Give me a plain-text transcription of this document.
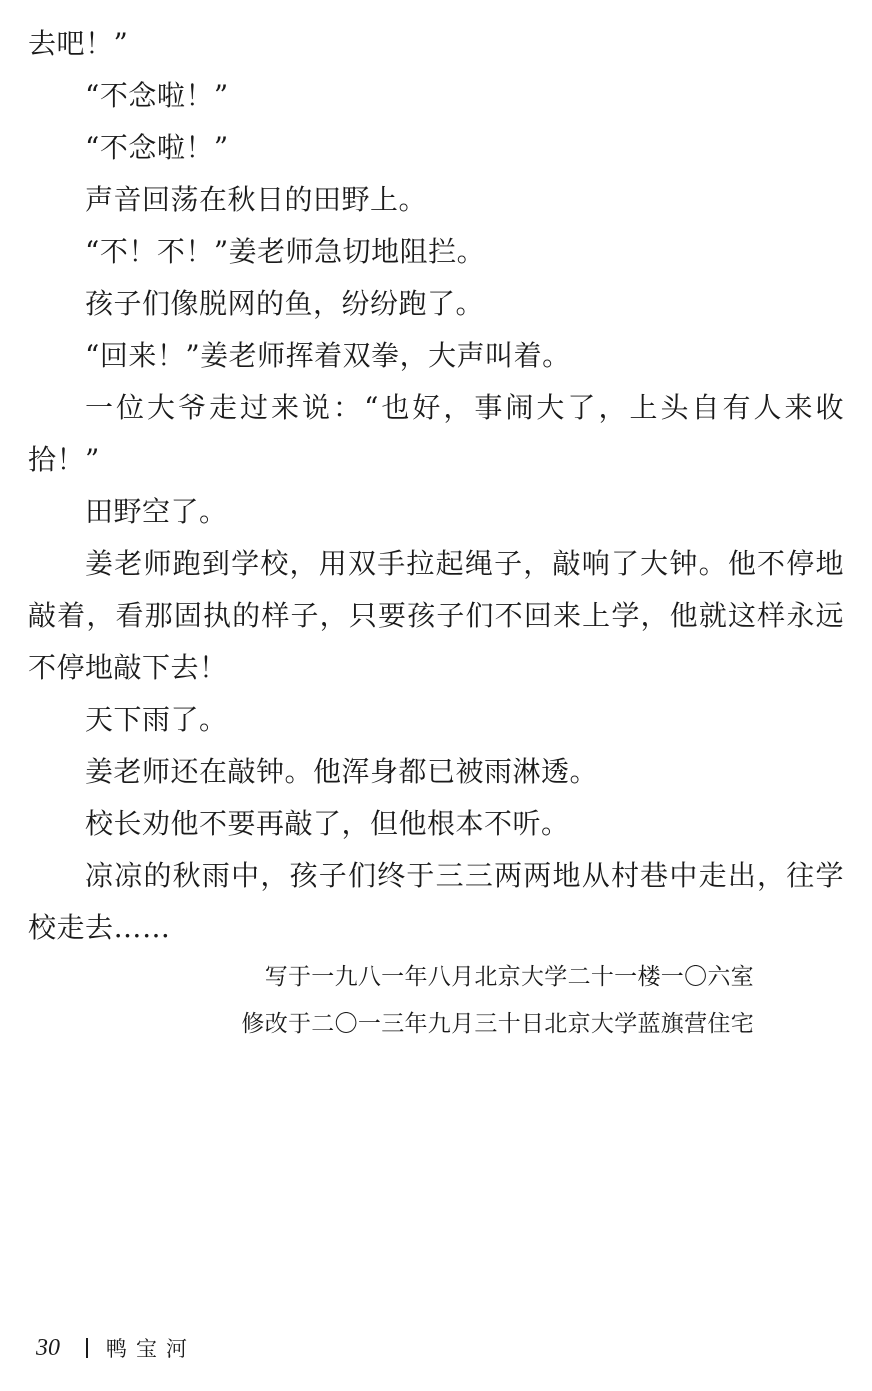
去吧！”

“不念啦！”

“不念啦！”

声音回荡在秋日的田野上。

“不！不！”姜老师急切地阻拦。

孩子们像脱网的鱼，纷纷跑了。

“回来！”姜老师挥着双拳，大声叫着。

一位大爷走过来说：“也好，事闹大了，上头自有人来收拾！”

田野空了。

姜老师跑到学校，用双手拉起绳子，敲响了大钟。他不停地敲着，看那固执的样子，只要孩子们不回来上学，他就这样永远不停地敲下去！

天下雨了。

姜老师还在敲钟。他浑身都已被雨淋透。

校长劝他不要再敲了，但他根本不听。

凉凉的秋雨中，孩子们终于三三两两地从村巷中走出，往学校走去……

写于一九八一年八月北京大学二十一楼一〇六室
修改于二〇一三年九月三十日北京大学蓝旗营住宅
30 鸭宝河
